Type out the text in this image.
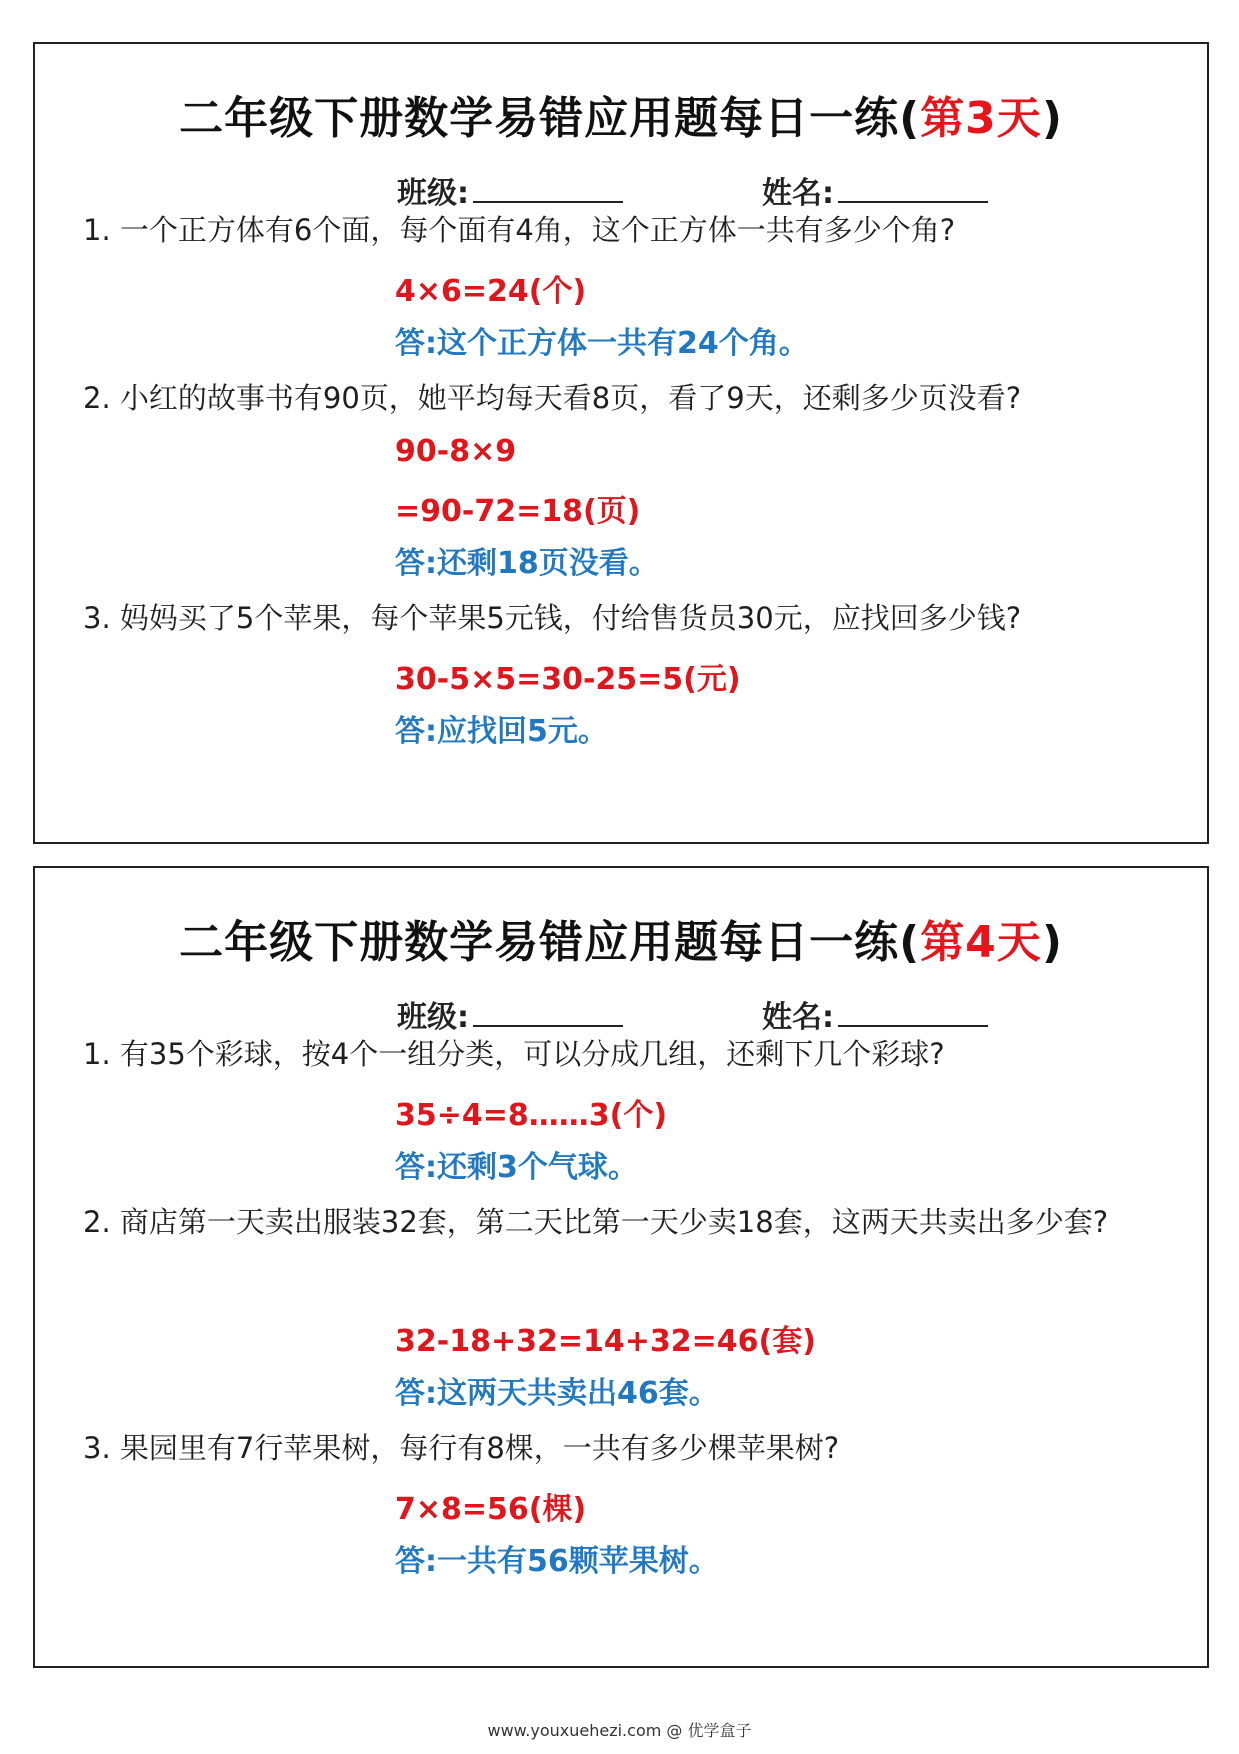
二年级下册数学易错应用题每日一练(第3天)
班级:	姓名:
1. 一个正方体有6个面，每个面有4角，这个正方体一共有多少个角?
4×6=24(个)
答:这个正方体一共有24个角。
2. 小红的故事书有90页，她平均每天看8页，看了9天，还剩多少页没看?
90-8×9
=90-72=18(页)
答:还剩18页没看。
3. 妈妈买了5个苹果，每个苹果5元钱，付给售货员30元，应找回多少钱?
30-5×5=30-25=5(元)
答:应找回5元。
二年级下册数学易错应用题每日一练(第4天)
班级:	姓名:
1. 有35个彩球，按4个一组分类，可以分成几组，还剩下几个彩球?
35÷4=8……3(个)
答:还剩3个气球。
2. 商店第一天卖出服装32套，第二天比第一天少卖18套，这两天共卖出多少套?
32-18+32=14+32=46(套)
答:这两天共卖出46套。
3. 果园里有7行苹果树，每行有8棵，一共有多少棵苹果树?
7×8=56(棵)
答:一共有56颗苹果树。
www.youxuehezi.com @ 优学盒子
